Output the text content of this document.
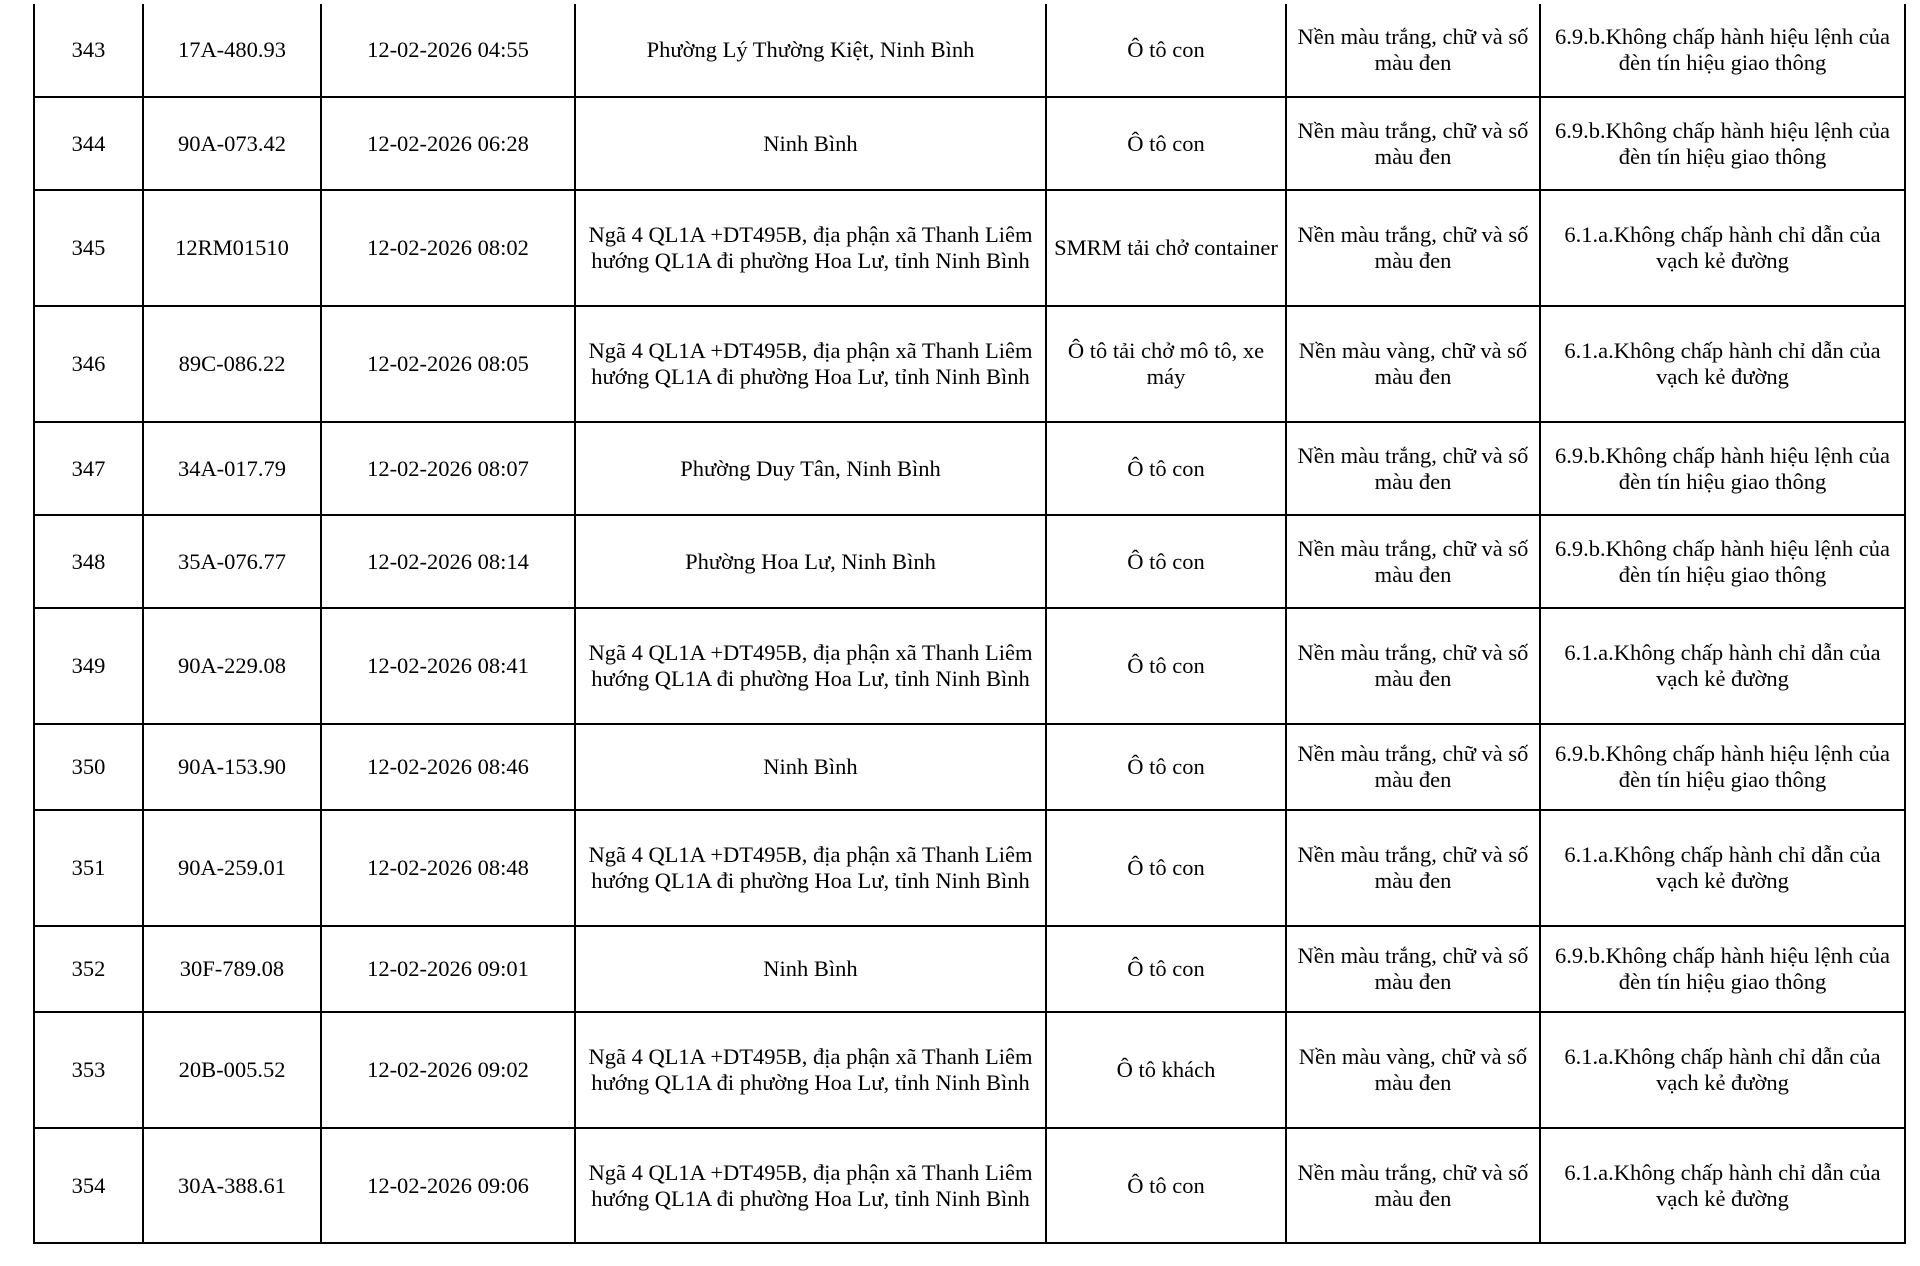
343	17A-480.93	12-02-2026 04:55	Phường Lý Thường Kiệt, Ninh Bình	Ô tô con	Nền màu trắng, chữ và số màu đen	6.9.b.Không chấp hành hiệu lệnh của đèn tín hiệu giao thông
344	90A-073.42	12-02-2026 06:28	Ninh Bình	Ô tô con	Nền màu trắng, chữ và số màu đen	6.9.b.Không chấp hành hiệu lệnh của đèn tín hiệu giao thông
345	12RM01510	12-02-2026 08:02	Ngã 4 QL1A +DT495B, địa phận xã Thanh Liêm hướng QL1A đi phường Hoa Lư, tỉnh Ninh Bình	SMRM tải chở container	Nền màu trắng, chữ và số màu đen	6.1.a.Không chấp hành chỉ dẫn của vạch kẻ đường
346	89C-086.22	12-02-2026 08:05	Ngã 4 QL1A +DT495B, địa phận xã Thanh Liêm hướng QL1A đi phường Hoa Lư, tỉnh Ninh Bình	Ô tô tải chở mô tô, xe máy	Nền màu vàng, chữ và số màu đen	6.1.a.Không chấp hành chỉ dẫn của vạch kẻ đường
347	34A-017.79	12-02-2026 08:07	Phường Duy Tân, Ninh Bình	Ô tô con	Nền màu trắng, chữ và số màu đen	6.9.b.Không chấp hành hiệu lệnh của đèn tín hiệu giao thông
348	35A-076.77	12-02-2026 08:14	Phường Hoa Lư, Ninh Bình	Ô tô con	Nền màu trắng, chữ và số màu đen	6.9.b.Không chấp hành hiệu lệnh của đèn tín hiệu giao thông
349	90A-229.08	12-02-2026 08:41	Ngã 4 QL1A +DT495B, địa phận xã Thanh Liêm hướng QL1A đi phường Hoa Lư, tỉnh Ninh Bình	Ô tô con	Nền màu trắng, chữ và số màu đen	6.1.a.Không chấp hành chỉ dẫn của vạch kẻ đường
350	90A-153.90	12-02-2026 08:46	Ninh Bình	Ô tô con	Nền màu trắng, chữ và số màu đen	6.9.b.Không chấp hành hiệu lệnh của đèn tín hiệu giao thông
351	90A-259.01	12-02-2026 08:48	Ngã 4 QL1A +DT495B, địa phận xã Thanh Liêm hướng QL1A đi phường Hoa Lư, tỉnh Ninh Bình	Ô tô con	Nền màu trắng, chữ và số màu đen	6.1.a.Không chấp hành chỉ dẫn của vạch kẻ đường
352	30F-789.08	12-02-2026 09:01	Ninh Bình	Ô tô con	Nền màu trắng, chữ và số màu đen	6.9.b.Không chấp hành hiệu lệnh của đèn tín hiệu giao thông
353	20B-005.52	12-02-2026 09:02	Ngã 4 QL1A +DT495B, địa phận xã Thanh Liêm hướng QL1A đi phường Hoa Lư, tỉnh Ninh Bình	Ô tô khách	Nền màu vàng, chữ và số màu đen	6.1.a.Không chấp hành chỉ dẫn của vạch kẻ đường
354	30A-388.61	12-02-2026 09:06	Ngã 4 QL1A +DT495B, địa phận xã Thanh Liêm hướng QL1A đi phường Hoa Lư, tỉnh Ninh Bình	Ô tô con	Nền màu trắng, chữ và số màu đen	6.1.a.Không chấp hành chỉ dẫn của vạch kẻ đường
